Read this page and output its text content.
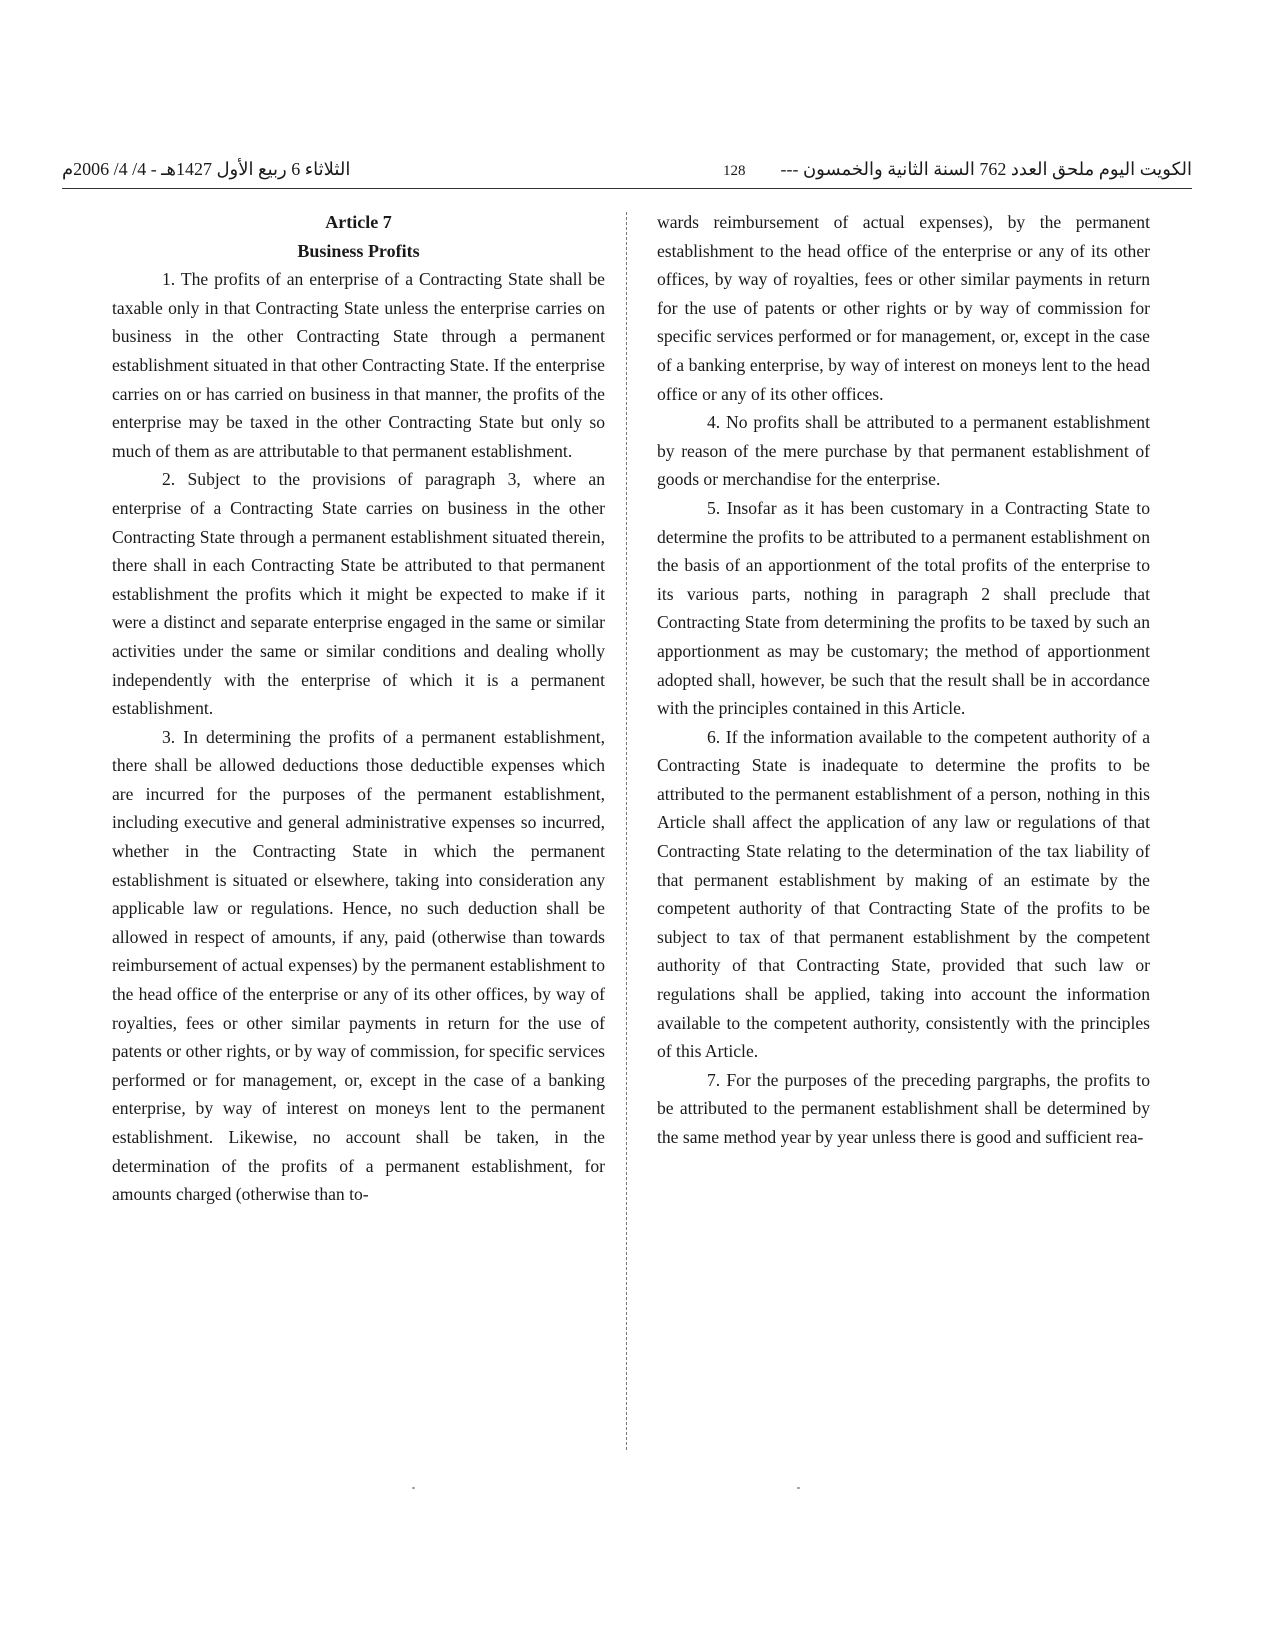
الثلاثاء 6 ربيع الأول 1427هـ - 4/ 4/ 2006م	128 الكويت اليوم ملحق العدد 762 السنة الثانية والخمسون ---

Article 7

Business Profits

1. The profits of an enterprise of a Contracting State shall be taxable only in that Contracting State unless the enterprise carries on business in the other Contracting State through a permanent establishment situated in that other Contracting State. If the enterprise carries on or has carried on business in that manner, the profits of the enterprise may be taxed in the other Contracting State but only so much of them as are attributable to that permanent establishment.

2. Subject to the provisions of paragraph 3, where an enterprise of a Contracting State carries on business in the other Contracting State through a permanent establishment situated therein, there shall in each Contracting State be attributed to that permanent establishment the profits which it might be expected to make if it were a distinct and separate enterprise engaged in the same or similar activities under the same or similar conditions and dealing wholly independently with the enterprise of which it is a permanent establishment.

3. In determining the profits of a permanent establishment, there shall be allowed deductions those deductible expenses which are incurred for the purposes of the permanent establishment, including executive and general administrative expenses so incurred, whether in the Contracting State in which the permanent establishment is situated or elsewhere, taking into consideration any applicable law or regulations. Hence, no such deduction shall be allowed in respect of amounts, if any, paid (otherwise than towards reimbursement of actual expenses) by the permanent establishment to the head office of the enterprise or any of its other offices, by way of royalties, fees or other similar payments in return for the use of patents or other rights, or by way of commission, for specific services performed or for management, or, except in the case of a banking enterprise, by way of interest on moneys lent to the permanent establishment. Likewise, no account shall be taken, in the determination of the profits of a permanent establishment, for amounts charged (otherwise than to-

wards reimbursement of actual expenses), by the permanent establishment to the head office of the enterprise or any of its other offices, by way of royalties, fees or other similar payments in return for the use of patents or other rights or by way of commission for specific services performed or for management, or, except in the case of a banking enterprise, by way of interest on moneys lent to the head office or any of its other offices.

4. No profits shall be attributed to a permanent establishment by reason of the mere purchase by that permanent establishment of goods or merchandise for the enterprise.

5. Insofar as it has been customary in a Contracting State to determine the profits to be attributed to a permanent establishment on the basis of an apportionment of the total profits of the enterprise to its various parts, nothing in paragraph 2 shall preclude that Contracting State from determining the profits to be taxed by such an apportionment as may be customary; the method of apportionment adopted shall, however, be such that the result shall be in accordance with the principles contained in this Article.

6. If the information available to the competent authority of a Contracting State is inadequate to determine the profits to be attributed to the permanent establishment of a person, nothing in this Article shall affect the application of any law or regulations of that Contracting State relating to the determination of the tax liability of that permanent establishment by making of an estimate by the competent authority of that Contracting State of the profits to be subject to tax of that permanent establishment by the competent authority of that Contracting State, provided that such law or regulations shall be applied, taking into account the information available to the competent authority, consistently with the principles of this Article.

7. For the purposes of the preceding pargraphs, the profits to be attributed to the permanent establishment shall be determined by the same method year by year unless there is good and sufficient rea-
